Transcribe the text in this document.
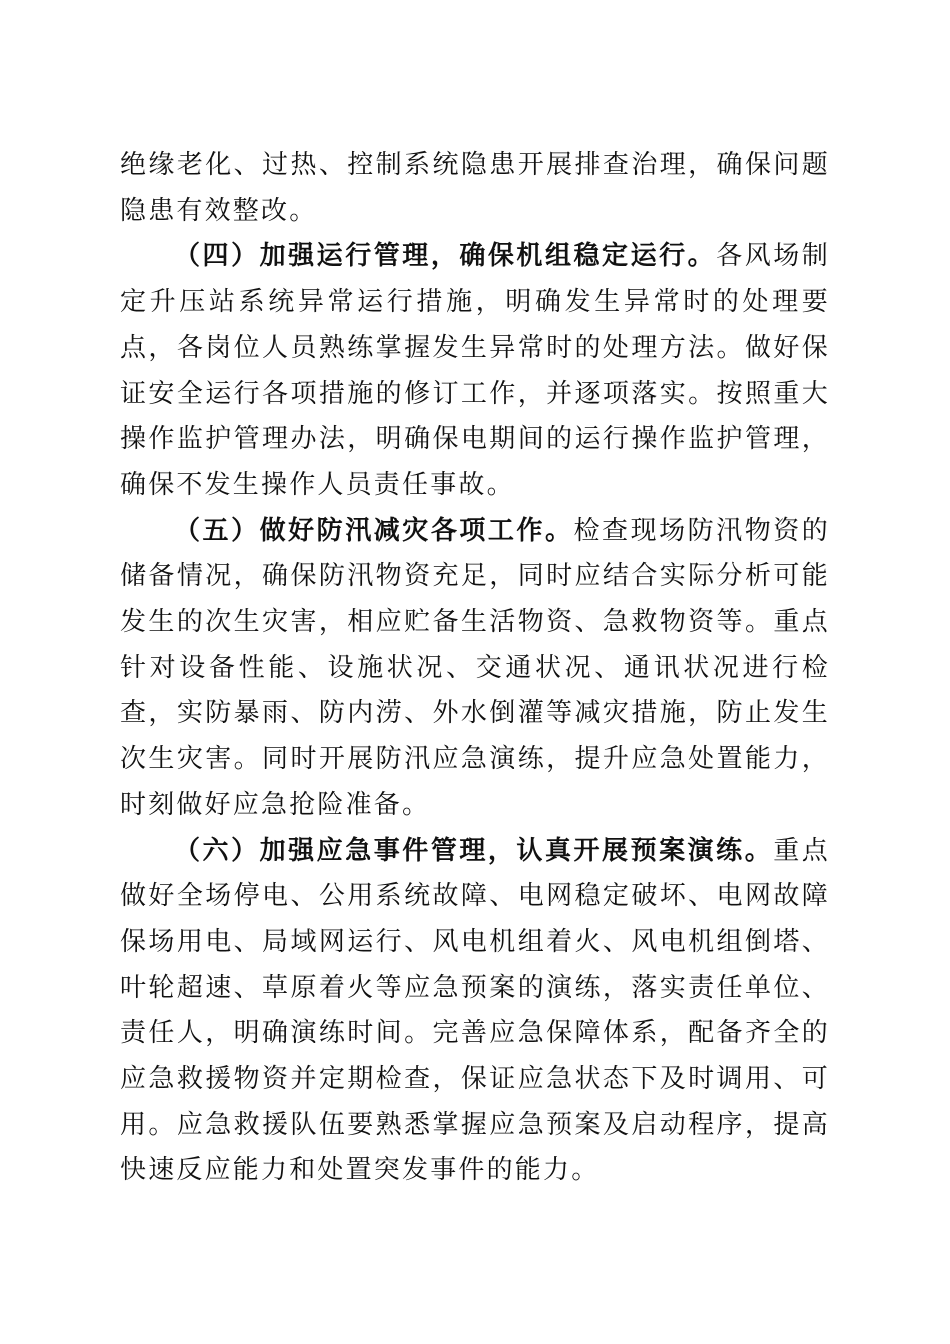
绝缘老化、过热、控制系统隐患开展排查治理，确保问题隐患有效整改。

（四）加强运行管理，确保机组稳定运行。各风场制定升压站系统异常运行措施，明确发生异常时的处理要点，各岗位人员熟练掌握发生异常时的处理方法。做好保证安全运行各项措施的修订工作，并逐项落实。按照重大操作监护管理办法，明确保电期间的运行操作监护管理，确保不发生操作人员责任事故。

（五）做好防汛减灾各项工作。检查现场防汛物资的储备情况，确保防汛物资充足，同时应结合实际分析可能发生的次生灾害，相应贮备生活物资、急救物资等。重点针对设备性能、设施状况、交通状况、通讯状况进行检查，实防暴雨、防内涝、外水倒灌等减灾措施，防止发生次生灾害。同时开展防汛应急演练，提升应急处置能力，时刻做好应急抢险准备。

（六）加强应急事件管理，认真开展预案演练。重点做好全场停电、公用系统故障、电网稳定破坏、电网故障保场用电、局域网运行、风电机组着火、风电机组倒塔、叶轮超速、草原着火等应急预案的演练，落实责任单位、责任人，明确演练时间。完善应急保障体系，配备齐全的应急救援物资并定期检查，保证应急状态下及时调用、可用。应急救援队伍要熟悉掌握应急预案及启动程序，提高快速反应能力和处置突发事件的能力。
